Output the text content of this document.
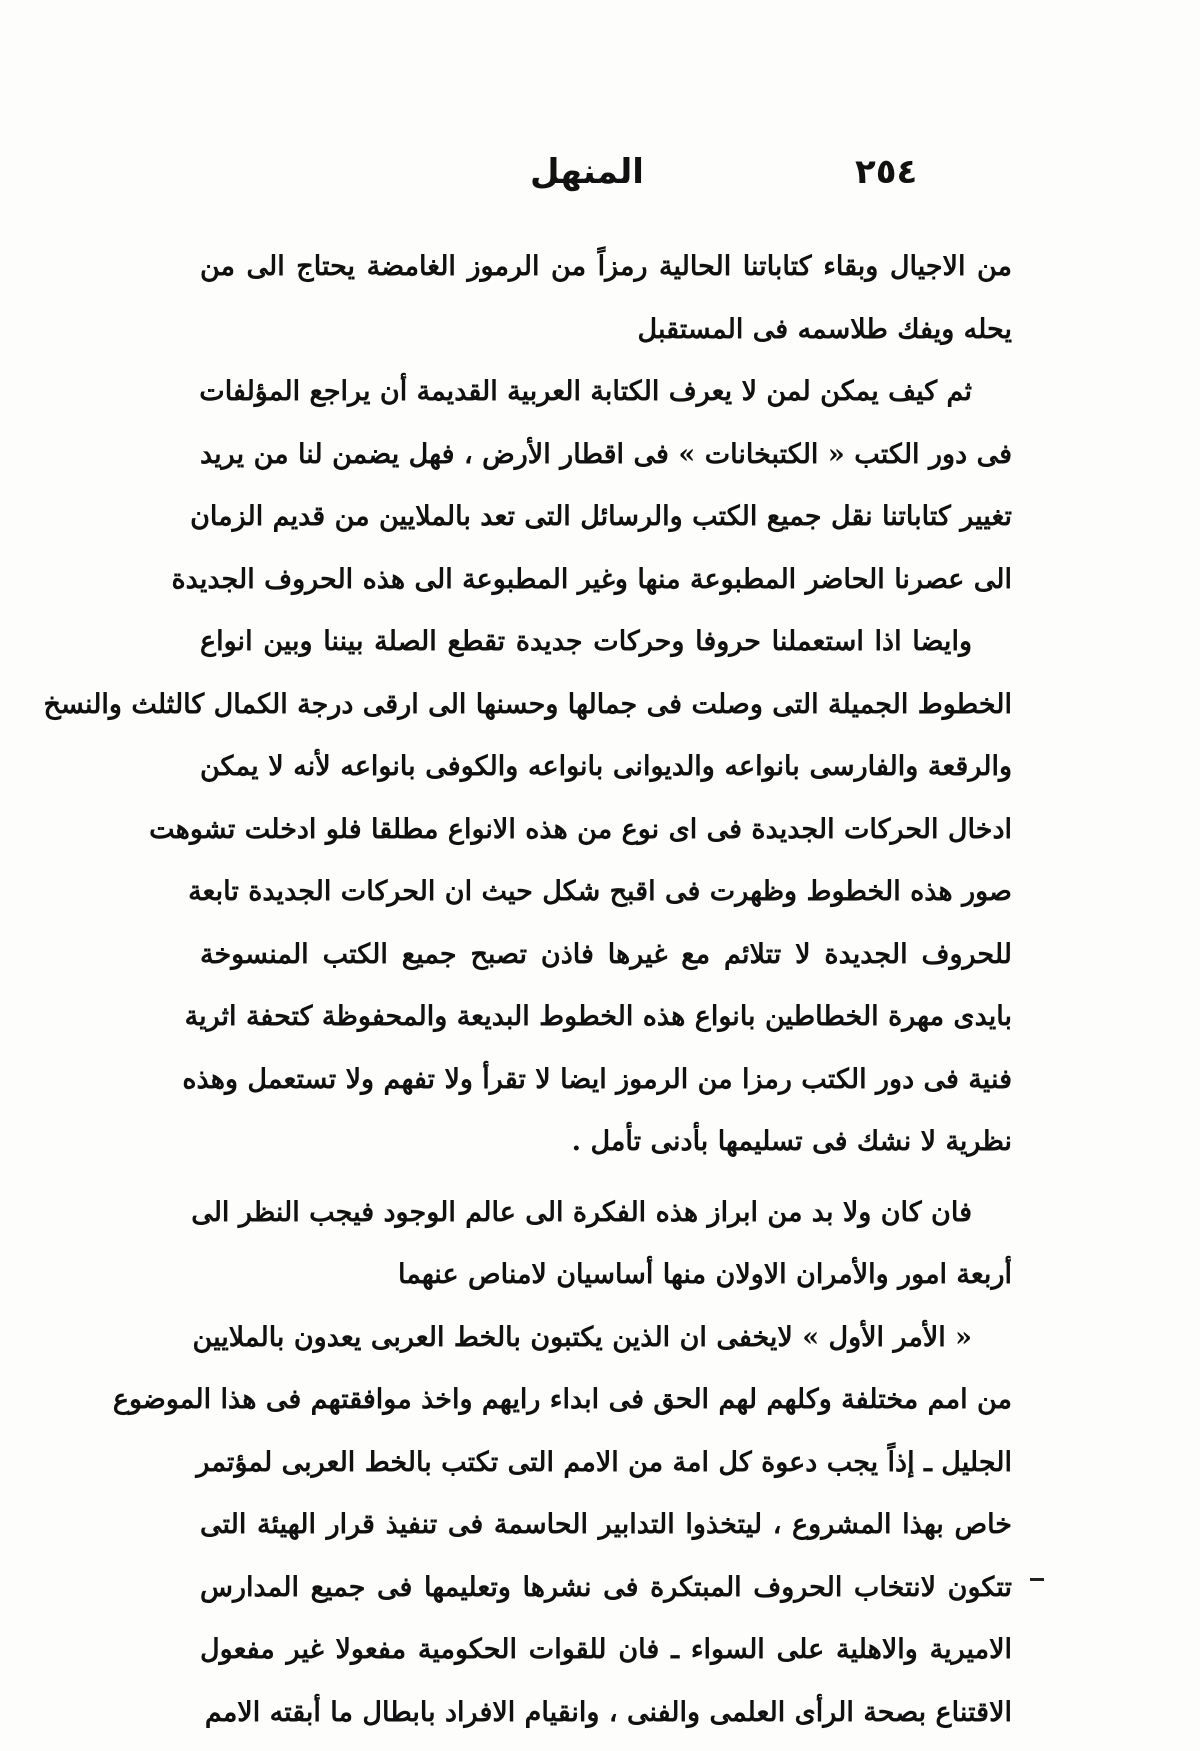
المنهل	٢٥٤
من الاجيال وبقاء كتاباتنا الحالية رمزاً من الرموز الغامضة يحتاج الى من
يحله ويفك طلاسمه فى المستقبل
ثم كيف يمكن لمن لا يعرف الكتابة العربية القديمة أن يراجع المؤلفات
فى دور الكتب « الكتبخانات » فى اقطار الأرض ، فهل يضمن لنا من يريد
تغيير كتاباتنا نقل جميع الكتب والرسائل التى تعد بالملايين من قديم الزمان
الى عصرنا الحاضر المطبوعة منها وغير المطبوعة الى هذه الحروف الجديدة
وايضا اذا استعملنا حروفا وحركات جديدة تقطع الصلة بيننا وبين انواع
الخطوط الجميلة التى وصلت فى جمالها وحسنها الى ارقى درجة الكمال كالثلث والنسخ
والرقعة والفارسى بانواعه والديوانى بانواعه والكوفى بانواعه لأنه لا يمكن
ادخال الحركات الجديدة فى اى نوع من هذه الانواع مطلقا فلو ادخلت تشوهت
صور هذه الخطوط وظهرت فى اقبح شكل حيث ان الحركات الجديدة تابعة
للحروف الجديدة لا تتلائم مع غيرها فاذن تصبح جميع الكتب المنسوخة
بايدى مهرة الخطاطين بانواع هذه الخطوط البديعة والمحفوظة كتحفة اثرية
فنية فى دور الكتب رمزا من الرموز ايضا لا تقرأ ولا تفهم ولا تستعمل وهذه
نظرية لا نشك فى تسليمها بأدنى تأمل .
فان كان ولا بد من ابراز هذه الفكرة الى عالم الوجود فيجب النظر الى
أربعة امور والأمران الاولان منها أساسيان لامناص عنهما
« الأمر الأول » لايخفى ان الذين يكتبون بالخط العربى يعدون بالملايين
من امم مختلفة وكلهم لهم الحق فى ابداء رايهم واخذ موافقتهم فى هذا الموضوع
الجليل ـ إذاً يجب دعوة كل امة من الامم التى تكتب بالخط العربى لمؤتمر
خاص بهذا المشروع ، ليتخذوا التدابير الحاسمة فى تنفيذ قرار الهيئة التى
تتكون لانتخاب الحروف المبتكرة فى نشرها وتعليمها فى جميع المدارس
الاميرية والاهلية على السواء ـ فان للقوات الحكومية مفعولا غير مفعول
الاقتناع بصحة الرأى العلمى والفنى ، وانقيام الافراد بابطال ما أبقته الامم
